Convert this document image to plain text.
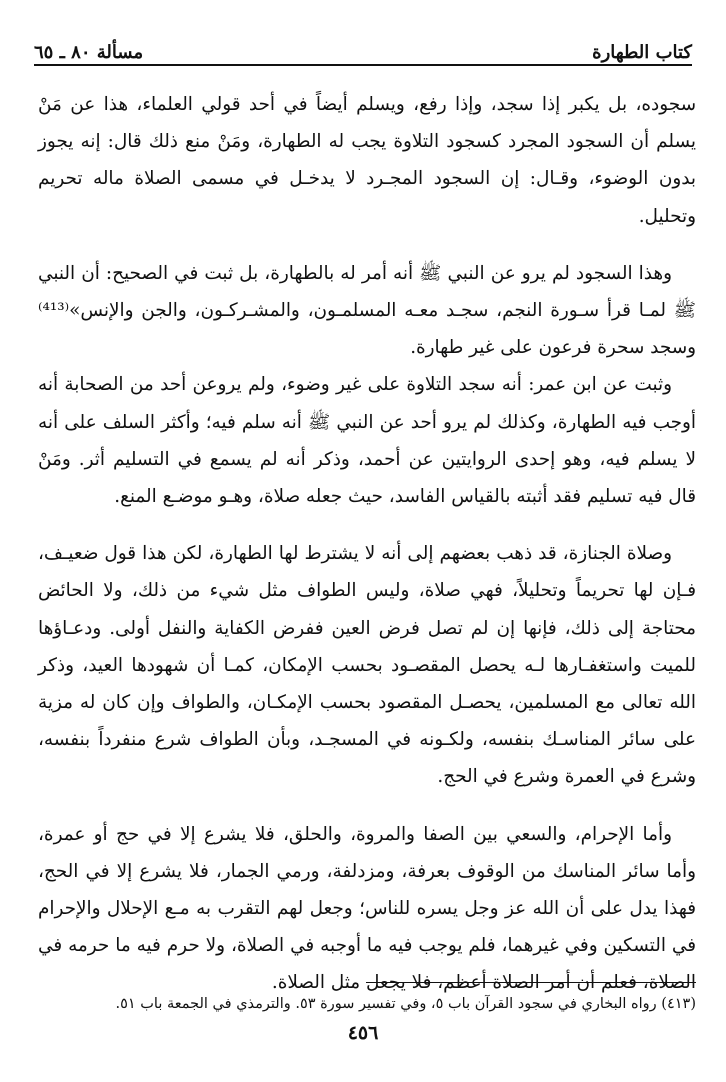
كتاب الطهارة
مسألة ٨٠ ـ ٦٥

سجوده، بل يكبر إذا سجد، وإذا رفع، ويسلم أيضاً في أحد قولي العلماء، هذا عن مَنْ يسلم أن السجود المجرد كسجود التلاوة يجب له الطهارة، ومَنْ منع ذلك قال: إنه يجوز بدون الوضوء، وقـال: إن السجود المجـرد لا يدخـل في مسمى الصلاة ماله تحريم وتحليل.

وهذا السجود لم يرو عن النبي ﷺ أنه أمر له بالطهارة، بل ثبت في الصحيح: أن النبي ﷺ لمـا قرأ سـورة النجم، سجـد معـه المسلمـون، والمشـركـون، والجن والإنس»⁽⁴¹³⁾ وسجد سحرة فرعون على غير طهارة.

وثبت عن ابن عمر: أنه سجد التلاوة على غير وضوء، ولم يروعن أحد من الصحابة أنه أوجب فيه الطهارة، وكذلك لم يرو أحد عن النبي ﷺ أنه سلم فيه؛ وأكثر السلف على أنه لا يسلم فيه، وهو إحدى الروايتين عن أحمد، وذكر أنه لم يسمع في التسليم أثر. ومَنْ قال فيه تسليم فقد أثبته بالقياس الفاسد، حيث جعله صلاة، وهـو موضـع المنع.

وصلاة الجنازة، قد ذهب بعضهم إلى أنه لا يشترط لها الطهارة، لكن هذا قول ضعيـف، فـإن لها تحريماً وتحليلاً، فهي صلاة، وليس الطواف مثل شيء من ذلك، ولا الحائض محتاجة إلى ذلك، فإنها إن لم تصل فرض العين ففرض الكفاية والنفل أولى. ودعـاؤها للميت واستغفـارها لـه يحصل المقصـود بحسب الإمكان، كمـا أن شهودها العيد، وذكر الله تعالى مع المسلمين، يحصـل المقصود بحسب الإمكـان، والطواف وإن كان له مزية على سائر المناسـك بنفسه، ولكـونه في المسجـد، وبأن الطواف شرع منفرداً بنفسه، وشرع في العمرة وشرع في الحج.

وأما الإحرام، والسعي بين الصفا والمروة، والحلق، فلا يشرع إلا في حج أو عمرة، وأما سائر المناسك من الوقوف بعرفة، ومزدلفة، ورمي الجمار، فلا يشرع إلا في الحج، فهذا يدل على أن الله عز وجل يسره للناس؛ وجعل لهم التقرب به مـع الإحلال والإحرام في التسكين وفي غيرهما، فلم يوجب فيه ما أوجبه في الصلاة، ولا حرم فيه ما حرمه في الصلاة، فعلم أن أمر الصلاة أعظم، فلا يجعل مثل الصلاة.

(٤١٣) رواه البخاري في سجود القرآن باب ٥، وفي تفسير سورة ٥٣. والترمذي في الجمعة باب ٥١.
٤٥٦
